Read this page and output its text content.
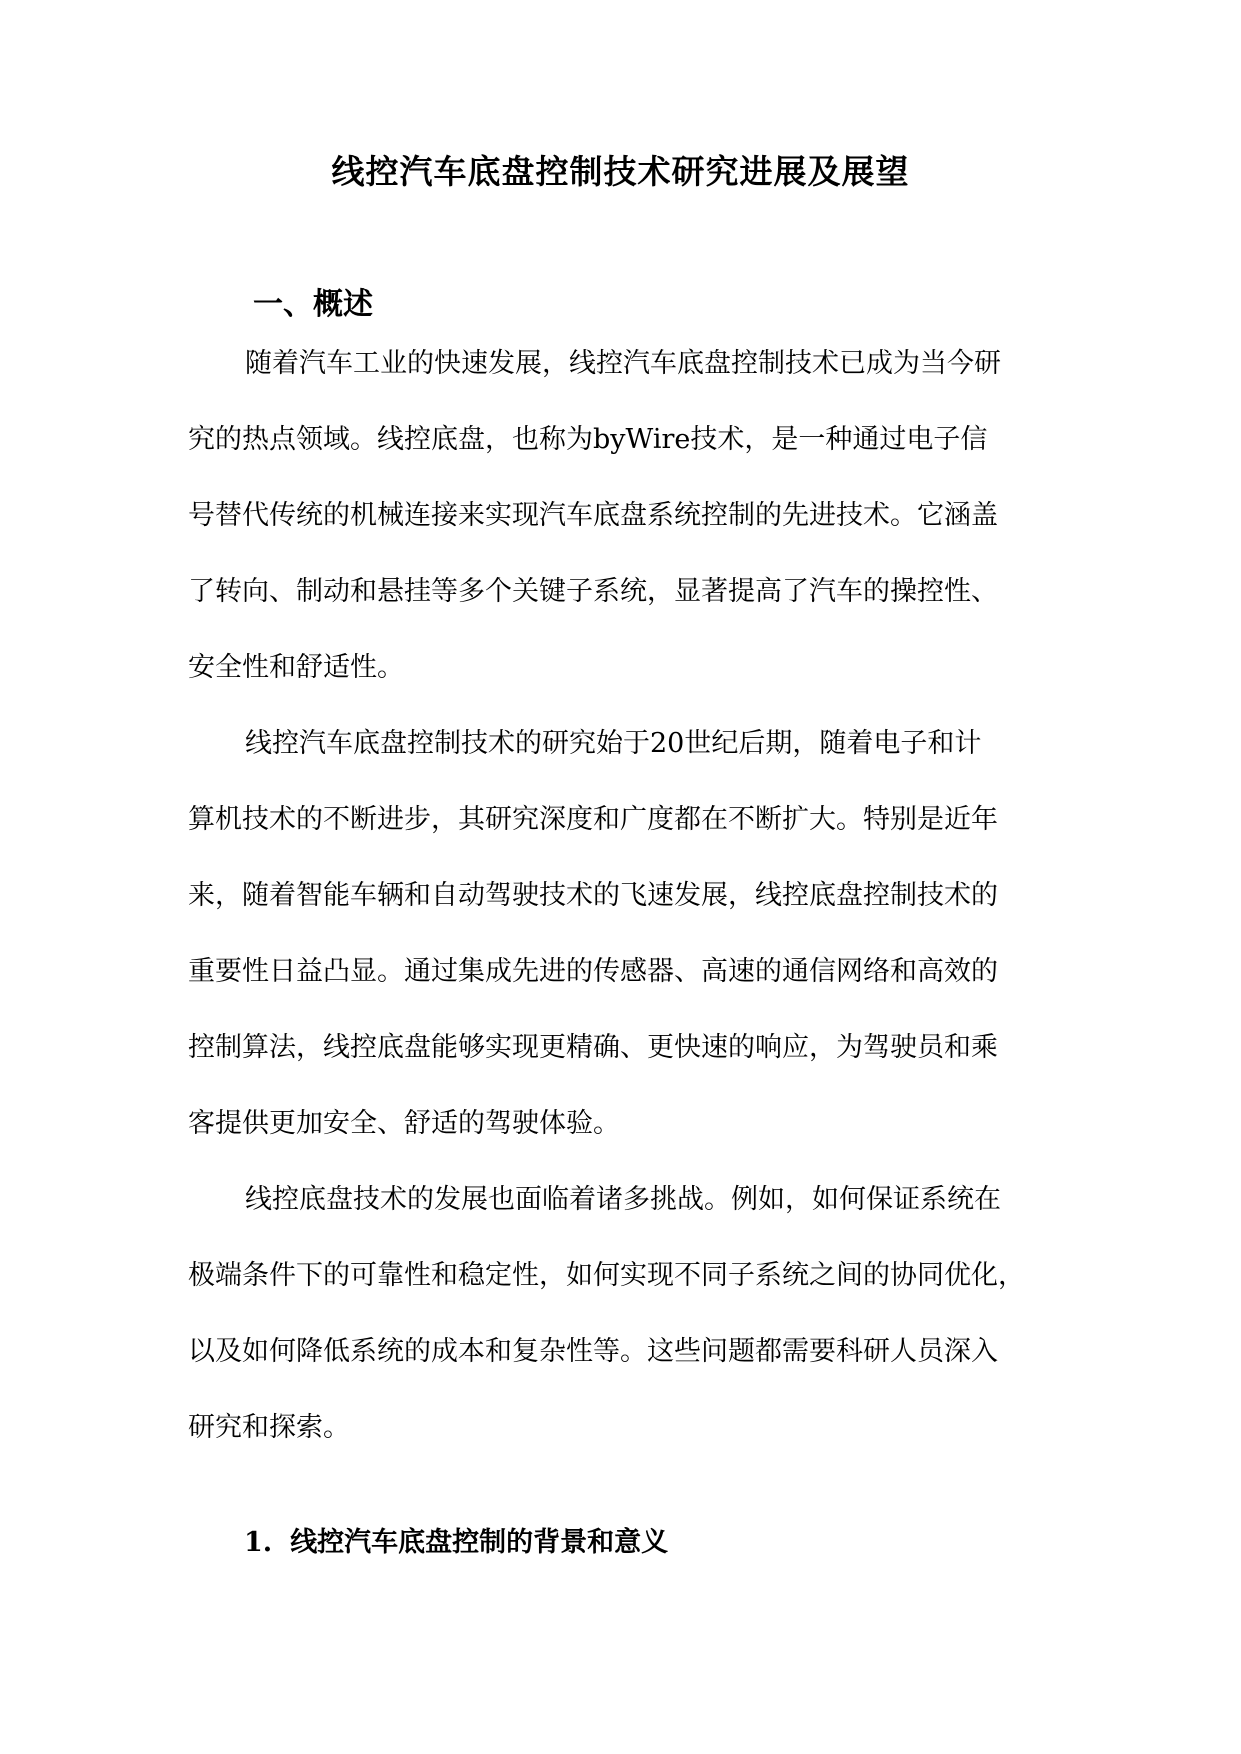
线控汽车底盘控制技术研究进展及展望
一、概述
随着汽车工业的快速发展，线控汽车底盘控制技术已成为当今研
究的热点领域。线控底盘，也称为byWire技术，是一种通过电子信
号替代传统的机械连接来实现汽车底盘系统控制的先进技术。它涵盖
了转向、制动和悬挂等多个关键子系统，显著提高了汽车的操控性、
安全性和舒适性。
线控汽车底盘控制技术的研究始于20世纪后期，随着电子和计
算机技术的不断进步，其研究深度和广度都在不断扩大。特别是近年
来，随着智能车辆和自动驾驶技术的飞速发展，线控底盘控制技术的
重要性日益凸显。通过集成先进的传感器、高速的通信网络和高效的
控制算法，线控底盘能够实现更精确、更快速的响应，为驾驶员和乘
客提供更加安全、舒适的驾驶体验。
线控底盘技术的发展也面临着诸多挑战。例如，如何保证系统在
极端条件下的可靠性和稳定性，如何实现不同子系统之间的协同优化，
以及如何降低系统的成本和复杂性等。这些问题都需要科研人员深入
研究和探索。
1. 线控汽车底盘控制的背景和意义
